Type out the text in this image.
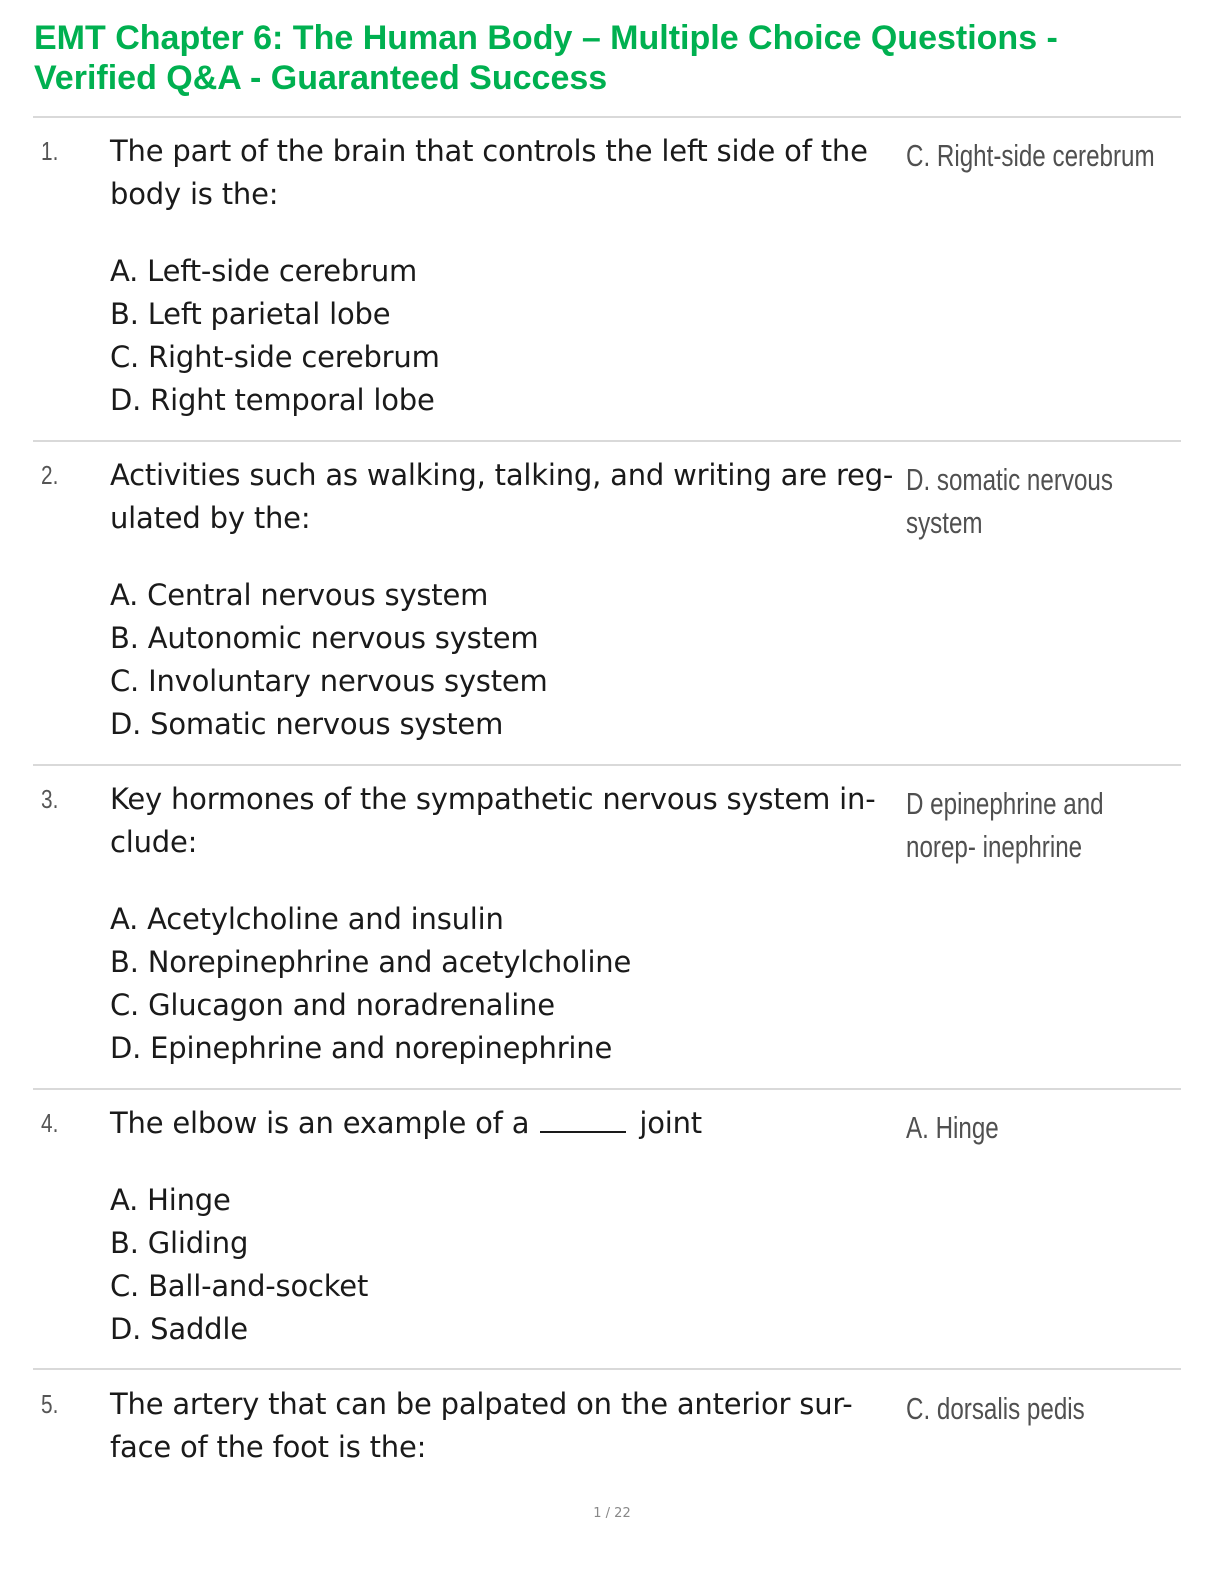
EMT Chapter 6: The Human Body – Multiple Choice Questions - Verified Q&A - Guaranteed Success
1. The part of the brain that controls the left side of the body is the:
A. Left-side cerebrum
B. Left parietal lobe
C. Right-side cerebrum
D. Right temporal lobe
C. Right-side cerebrum
2. Activities such as walking, talking, and writing are reg- ulated by the:
A. Central nervous system
B. Autonomic nervous system
C. Involuntary nervous system
D. Somatic nervous system
D. somatic nervous system
3. Key hormones of the sympathetic nervous system in- clude:
A. Acetylcholine and insulin
B. Norepinephrine and acetylcholine
C. Glucagon and noradrenaline
D. Epinephrine and norepinephrine
D epinephrine and norep- inephrine
4. The elbow is an example of a	joint
A. Hinge
B. Gliding
C. Ball-and-socket
D. Saddle
A. Hinge
5. The artery that can be palpated on the anterior sur- face of the foot is the:
C. dorsalis pedis
1 / 22
